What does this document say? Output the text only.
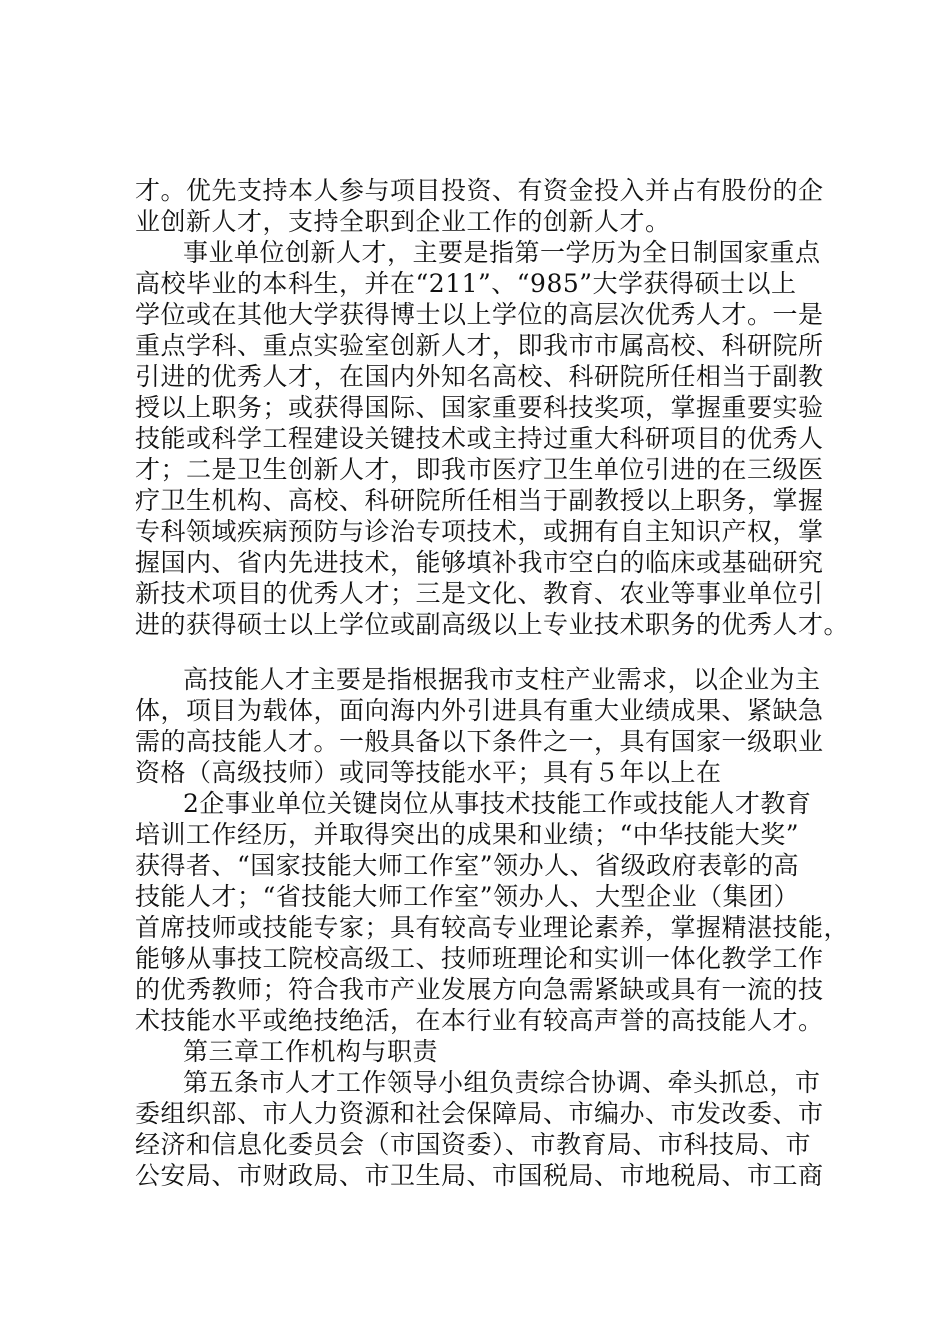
才。优先支持本人参与项目投资、有资金投入并占有股份的企
业创新人才，支持全职到企业工作的创新人才。
事业单位创新人才，主要是指第一学历为全日制国家重点
高校毕业的本科生，并在“211”、“985”大学获得硕士以上
学位或在其他大学获得博士以上学位的高层次优秀人才。一是
重点学科、重点实验室创新人才，即我市市属高校、科研院所
引进的优秀人才，在国内外知名高校、科研院所任相当于副教
授以上职务；或获得国际、国家重要科技奖项，掌握重要实验
技能或科学工程建设关键技术或主持过重大科研项目的优秀人
才；二是卫生创新人才，即我市医疗卫生单位引进的在三级医
疗卫生机构、高校、科研院所任相当于副教授以上职务，掌握
专科领域疾病预防与诊治专项技术，或拥有自主知识产权，掌
握国内、省内先进技术，能够填补我市空白的临床或基础研究
新技术项目的优秀人才；三是文化、教育、农业等事业单位引
进的获得硕士以上学位或副高级以上专业技术职务的优秀人才。
高技能人才主要是指根据我市支柱产业需求，以企业为主
体，项目为载体，面向海内外引进具有重大业绩成果、紧缺急
需的高技能人才。一般具备以下条件之一，具有国家一级职业
资格（高级技师）或同等技能水平；具有５年以上在
2企事业单位关键岗位从事技术技能工作或技能人才教育
培训工作经历，并取得突出的成果和业绩；“中华技能大奖”
获得者、“国家技能大师工作室”领办人、省级政府表彰的高
技能人才；“省技能大师工作室”领办人、大型企业（集团）
首席技师或技能专家；具有较高专业理论素养，掌握精湛技能，
能够从事技工院校高级工、技师班理论和实训一体化教学工作
的优秀教师；符合我市产业发展方向急需紧缺或具有一流的技
术技能水平或绝技绝活，在本行业有较高声誉的高技能人才。
第三章工作机构与职责
第五条市人才工作领导小组负责综合协调、牵头抓总，市
委组织部、市人力资源和社会保障局、市编办、市发改委、市
经济和信息化委员会（市国资委）、市教育局、市科技局、市
公安局、市财政局、市卫生局、市国税局、市地税局、市工商
